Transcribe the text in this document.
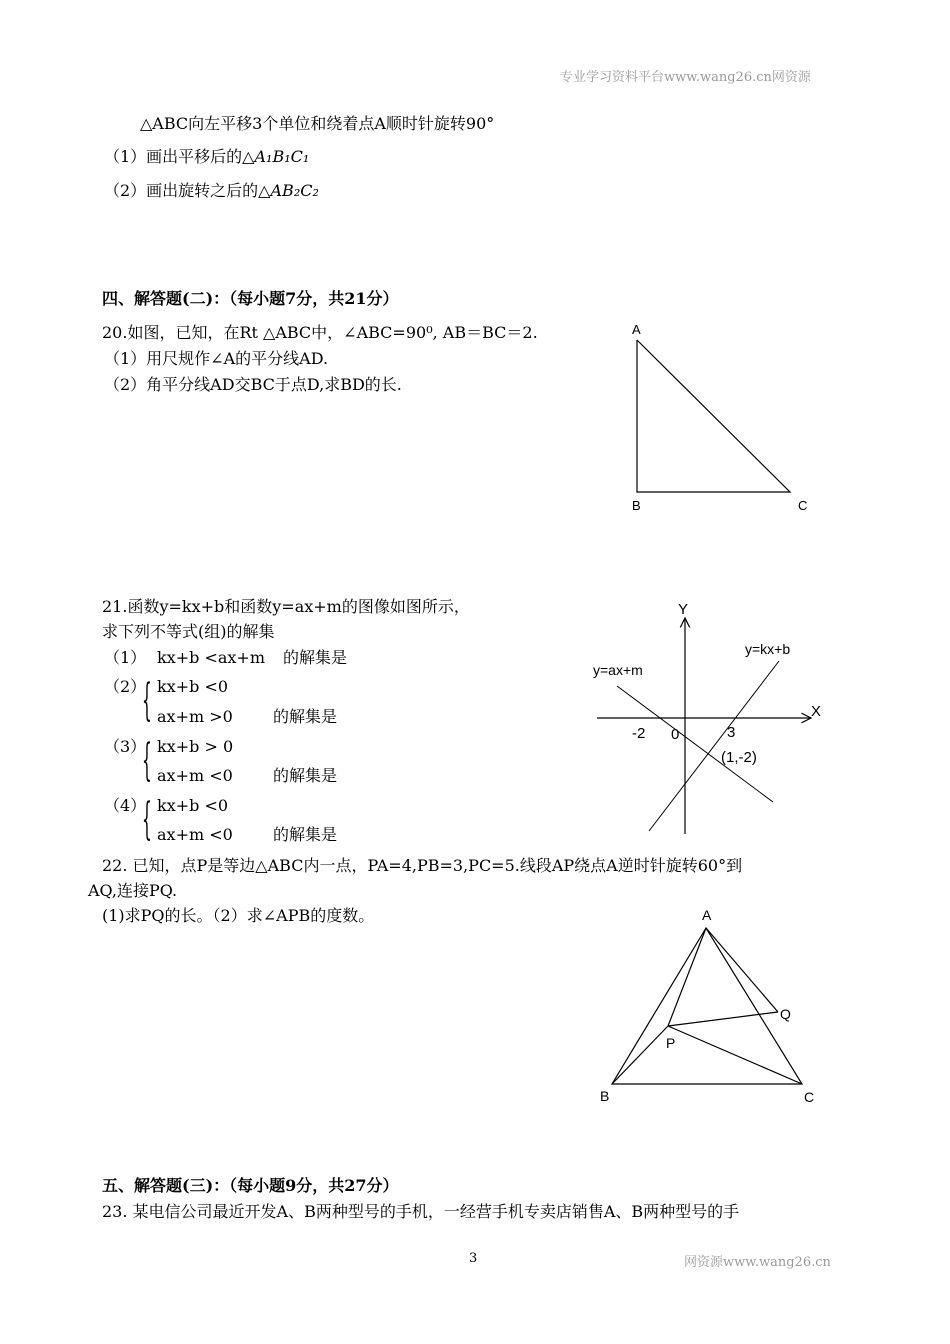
专业学习资料平台www.wang26.cn网资源
△ABC向左平移3个单位和绕着点A顺时针旋转90°
（1）画出平移后的△A₁B₁C₁
（2）画出旋转之后的△AB₂C₂
四、解答题(二)：（每小题7分，共21分）
20.如图，已知，在Rt △ABC中，∠ABC=90⁰, AB＝BC＝2.
（1）用尺规作∠A的平分线AD.
（2）角平分线AD交BC于点D,求BD的长.
A
B	C
21.函数y=kx+b和函数y=ax+m的图像如图所示，
求下列不等式(组)的解集
（1） kx+b <ax+m 的解集是
（2）
{ kx+b <0
ax+m >0	的解集是
（3）
{ kx+b > 0
ax+m <0	的解集是
（4）
{ kx+b <0
ax+m <0	的解集是
Y
X
y=kx+b
y=ax+m
-2 0	3
(1,-2)
22. 已知，点P是等边△ABC内一点，PA=4,PB=3,PC=5.线段AP绕点A逆时针旋转60°到
AQ,连接PQ.
(1)求PQ的长。（2）求∠APB的度数。	A
B	C
P
Q
五、解答题(三)：（每小题9分，共27分）
23. 某电信公司最近开发A、B两种型号的手机，一经营手机专卖店销售A、B两种型号的手
3	网资源www.wang26.cn
